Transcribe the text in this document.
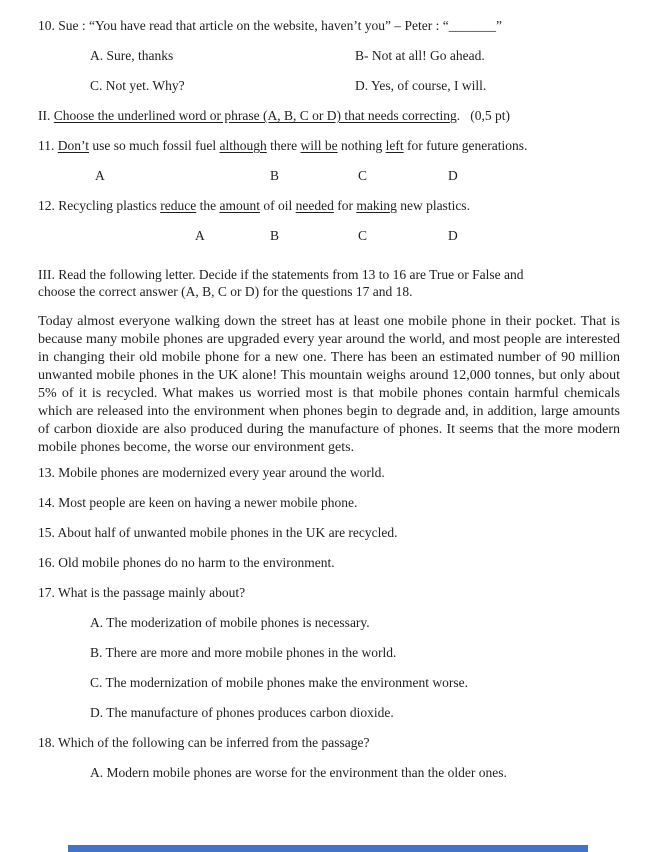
10. Sue : “You have read that article on the website, haven’t you” – Peter : “_______”
A. Sure, thanks	B- Not at all! Go ahead.
C. Not yet. Why?	D. Yes, of course, I will.
II. Choose the underlined word or phrase (A, B, C or D) that needs correcting.   (0,5 pt)
11. Don’t use so much fossil fuel although there will be nothing left for future generations.
A	B	C	D
12. Recycling plastics reduce the amount of oil needed for making new plastics.
A	B	C	D
III. Read the following letter. Decide if the statements from 13 to 16 are True or False and
choose the correct answer (A, B, C or D) for the questions 17 and 18.
Today almost everyone walking down the street has at least one mobile phone in their pocket. That is because many mobile phones are upgraded every year around the world, and most people are interested in changing their old mobile phone for a new one. There has been an estimated number of 90 million unwanted mobile phones in the UK alone! This mountain weighs around 12,000 tonnes, but only about 5% of it is recycled. What makes us worried most is that mobile phones contain harmful chemicals which are released into the environment when phones begin to degrade and, in addition, large amounts of carbon dioxide are also produced during the manufacture of phones. It seems that the more modern mobile phones become, the worse our environment gets.
13. Mobile phones are modernized every year around the world.
14. Most people are keen on having a newer mobile phone.
15. About half of unwanted mobile phones in the UK are recycled.
16. Old mobile phones do no harm to the environment.
17. What is the passage mainly about?
A. The moderization of mobile phones is necessary.
B. There are more and more mobile phones in the world.
C. The modernization of mobile phones make the environment worse.
D. The manufacture of phones produces carbon dioxide.
18. Which of the following can be inferred from the passage?
A. Modern mobile phones are worse for the environment than the older ones.
